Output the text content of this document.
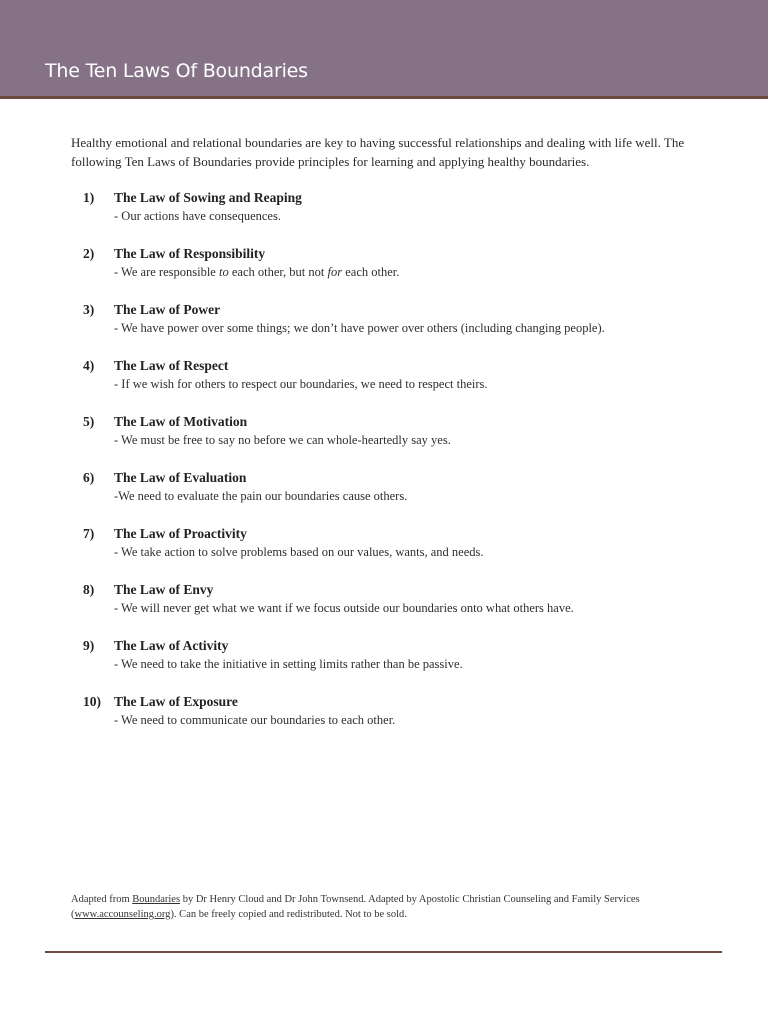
The Ten Laws Of Boundaries

Healthy emotional and relational boundaries are key to having successful relationships and dealing with life well. The following Ten Laws of Boundaries provide principles for learning and applying healthy boundaries.

1) The Law of Sowing and Reaping
- Our actions have consequences.
2) The Law of Responsibility
- We are responsible to each other, but not for each other.
3) The Law of Power
- We have power over some things; we don’t have power over others (including changing people).
4) The Law of Respect
- If we wish for others to respect our boundaries, we need to respect theirs.
5) The Law of Motivation
- We must be free to say no before we can whole-heartedly say yes.
6) The Law of Evaluation
-We need to evaluate the pain our boundaries cause others.
7) The Law of Proactivity
- We take action to solve problems based on our values, wants, and needs.
8) The Law of Envy
- We will never get what we want if we focus outside our boundaries onto what others have.
9) The Law of Activity
- We need to take the initiative in setting limits rather than be passive.
10) The Law of Exposure
- We need to communicate our boundaries to each other.

Adapted from Boundaries by Dr Henry Cloud and Dr John Townsend. Adapted by Apostolic Christian Counseling and Family Services (www.accounseling.org). Can be freely copied and redistributed. Not to be sold.
